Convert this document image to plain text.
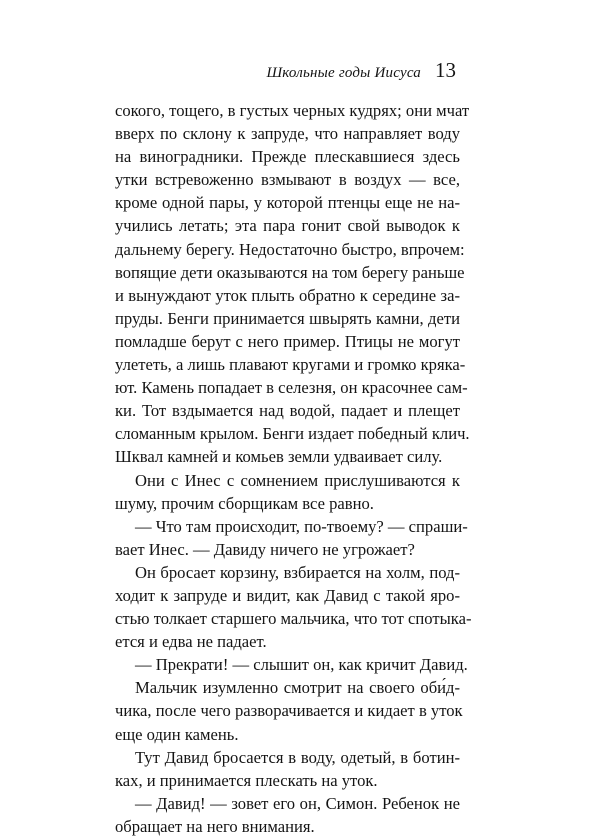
Школьные годы Иисуса 13
сокого, тощего, в густых черных кудрях; они мчат
вверх по склону к запруде, что направляет воду
на виноградники. Прежде плескавшиеся здесь
утки встревоженно взмывают в воздух — все,
кроме одной пары, у которой птенцы еще не на-
учились летать; эта пара гонит свой выводок к
дальнему берегу. Недостаточно быстро, впрочем:
вопящие дети оказываются на том берегу раньше
и вынуждают уток плыть обратно к середине за-
пруды. Бенги принимается швырять камни, дети
помладше берут с него пример. Птицы не могут
улететь, а лишь плавают кругами и громко кряка-
ют. Камень попадает в селезня, он красочнее сам-
ки. Тот вздымается над водой, падает и плещет
сломанным крылом. Бенги издает победный клич.
Шквал камней и комьев земли удваивает силу.
Они с Инес с сомнением прислушиваются к
шуму, прочим сборщикам все равно.
— Что там происходит, по-твоему? — спраши-
вает Инес. — Давиду ничего не угрожает?
Он бросает корзину, взбирается на холм, под-
ходит к запруде и видит, как Давид с такой яро-
стью толкает старшего мальчика, что тот спотыка-
ется и едва не падает.
— Прекрати! — слышит он, как кричит Давид.
Мальчик изумленно смотрит на своего оби́д-
чика, после чего разворачивается и кидает в уток
еще один камень.
Тут Давид бросается в воду, одетый, в ботин-
ках, и принимается плескать на уток.
— Давид! — зовет его он, Симон. Ребенок не
обращает на него внимания.
